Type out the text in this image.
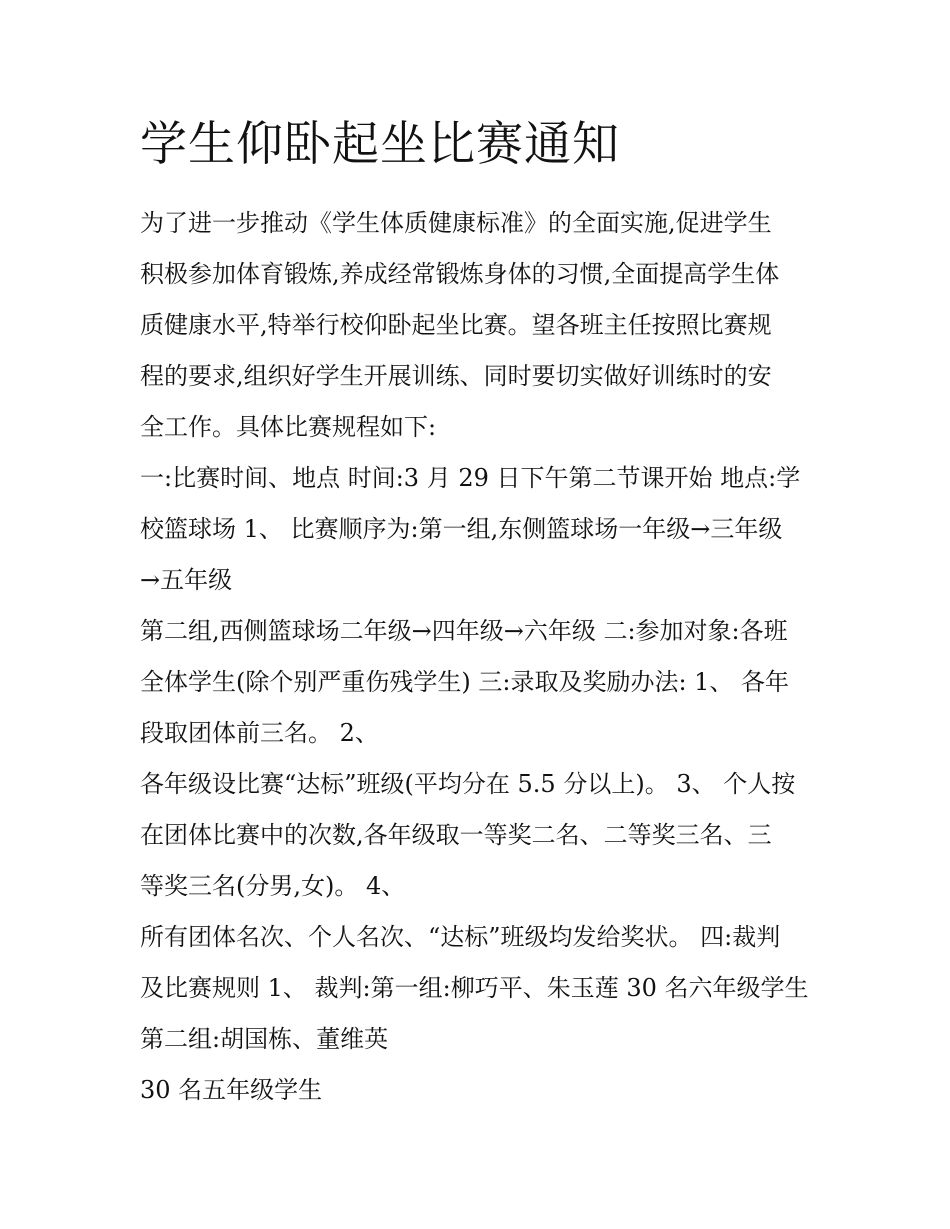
学生仰卧起坐比赛通知

为了进一步推动《学生体质健康标准》的全面实施,促进学生

积极参加体育锻炼,养成经常锻炼身体的习惯,全面提高学生体

质健康水平,特举行校仰卧起坐比赛。望各班主任按照比赛规

程的要求,组织好学生开展训练、同时要切实做好训练时的安

全工作。具体比赛规程如下:

一:比赛时间、地点 时间:3 月 29 日下午第二节课开始 地点:学

校篮球场 1、 比赛顺序为:第一组,东侧篮球场一年级→三年级

→五年级

第二组,西侧篮球场二年级→四年级→六年级 二:参加对象:各班

全体学生(除个别严重伤残学生) 三:录取及奖励办法: 1、 各年

段取团体前三名。 2、

各年级设比赛“达标”班级(平均分在 5.5 分以上)。 3、 个人按

在团体比赛中的次数,各年级取一等奖二名、二等奖三名、三

等奖三名(分男,女)。 4、

所有团体名次、个人名次、“达标”班级均发给奖状。 四:裁判

及比赛规则 1、 裁判:第一组:柳巧平、朱玉莲 30 名六年级学生

第二组:胡国栋、董维英

30 名五年级学生
